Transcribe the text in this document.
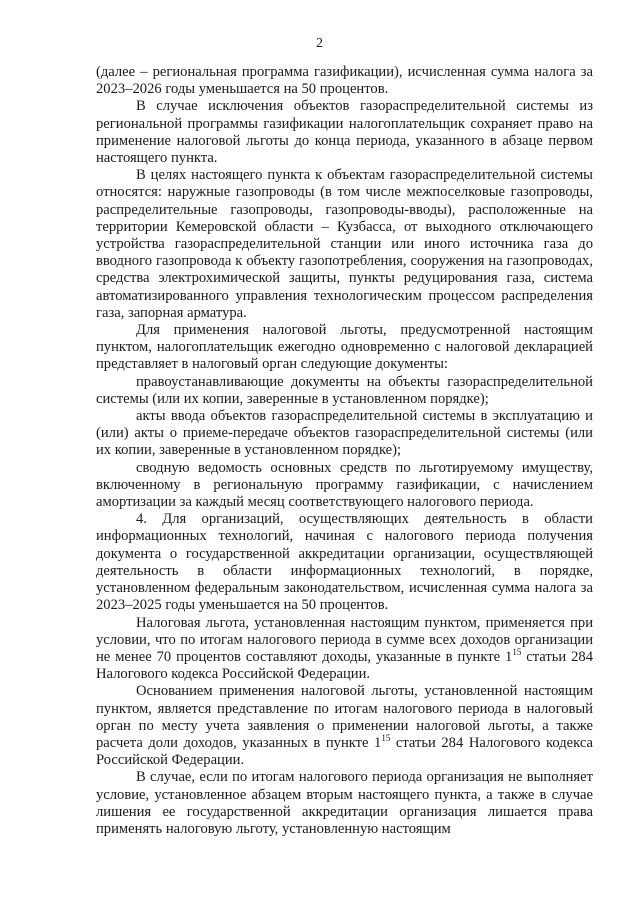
2

(далее – региональная программа газификации), исчисленная сумма налога за 2023–2026 годы уменьшается на 50 процентов.

В случае исключения объектов газораспределительной системы из региональной программы газификации налогоплательщик сохраняет право на применение налоговой льготы до конца периода, указанного в абзаце первом настоящего пункта.

В целях настоящего пункта к объектам газораспределительной системы относятся: наружные газопроводы (в том числе межпоселковые газопроводы, распределительные газопроводы, газопроводы-вводы), расположенные на территории Кемеровской области – Кузбасса, от выходного отключающего устройства газораспределительной станции или иного источника газа до вводного газопровода к объекту газопотребления, сооружения на газопроводах, средства электрохимической защиты, пункты редуцирования газа, система автоматизированного управления технологическим процессом распределения газа, запорная арматура.

Для применения налоговой льготы, предусмотренной настоящим пунктом, налогоплательщик ежегодно одновременно с налоговой декларацией представляет в налоговый орган следующие документы:

правоустанавливающие документы на объекты газораспределительной системы (или их копии, заверенные в установленном порядке);

акты ввода объектов газораспределительной системы в эксплуатацию и (или) акты о приеме-передаче объектов газораспределительной системы (или их копии, заверенные в установленном порядке);

сводную ведомость основных средств по льготируемому имуществу, включенному в региональную программу газификации, с начислением амортизации за каждый месяц соответствующего налогового периода.

4. Для организаций, осуществляющих деятельность в области информационных технологий, начиная с налогового периода получения документа о государственной аккредитации организации, осуществляющей деятельность в области информационных технологий, в порядке, установленном федеральным законодательством, исчисленная сумма налога за 2023–2025 годы уменьшается на 50 процентов.

Налоговая льгота, установленная настоящим пунктом, применяется при условии, что по итогам налогового периода в сумме всех доходов организации не менее 70 процентов составляют доходы, указанные в пункте $1^{15}$ статьи 284 Налогового кодекса Российской Федерации.

Основанием применения налоговой льготы, установленной настоящим пунктом, является представление по итогам налогового периода в налоговый орган по месту учета заявления о применении налоговой льготы, а также расчета доли доходов, указанных в пункте $1^{15}$ статьи 284 Налогового кодекса Российской Федерации.

В случае, если по итогам налогового периода организация не выполняет условие, установленное абзацем вторым настоящего пункта, а также в случае лишения ее государственной аккредитации организация лишается права применять налоговую льготу, установленную настоящим
